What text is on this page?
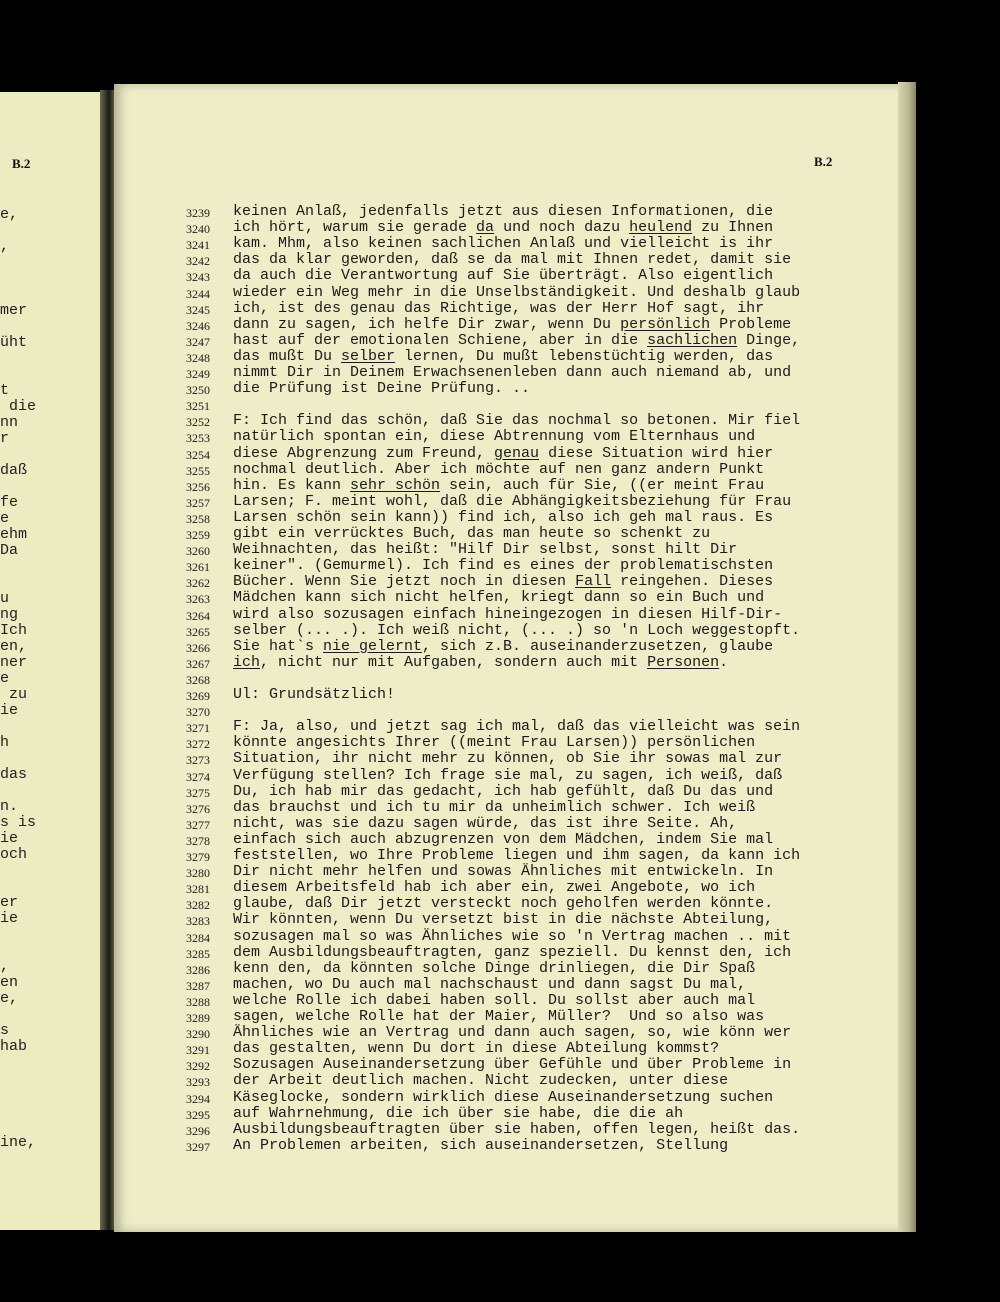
B.2
e,
,
mer
üht
t
die
nn
r
daß
fe
e
ehm
Da
u
ng
Ich
en,
ner
e
zu
ie
h
das
n.
s is
ie
och
er
ie
,
en
e,
s
hab
ine,
B.2
3239
3240
3241
3242
3243
3244
3245
3246
3247
3248
3249
3250
3251
3252
3253
3254
3255
3256
3257
3258
3259
3260
3261
3262
3263
3264
3265
3266
3267
3268
3269
3270
3271
3272
3273
3274
3275
3276
3277
3278
3279
3280
3281
3282
3283
3284
3285
3286
3287
3288
3289
3290
3291
3292
3293
3294
3295
3296
3297
keinen Anlaß, jedenfalls jetzt aus diesen Informationen, die
ich hört, warum sie gerade da und noch dazu heulend zu Ihnen
kam. Mhm, also keinen sachlichen Anlaß und vielleicht is ihr
das da klar geworden, daß se da mal mit Ihnen redet, damit sie
da auch die Verantwortung auf Sie überträgt. Also eigentlich
wieder ein Weg mehr in die Unselbständigkeit. Und deshalb glaub
ich, ist des genau das Richtige, was der Herr Hof sagt, ihr
dann zu sagen, ich helfe Dir zwar, wenn Du persönlich Probleme
hast auf der emotionalen Schiene, aber in die sachlichen Dinge,
das mußt Du selber lernen, Du mußt lebenstüchtig werden, das
nimmt Dir in Deinem Erwachsenenleben dann auch niemand ab, und
die Prüfung ist Deine Prüfung. ..
F: Ich find das schön, daß Sie das nochmal so betonen. Mir fiel
natürlich spontan ein, diese Abtrennung vom Elternhaus und
diese Abgrenzung zum Freund, genau diese Situation wird hier
nochmal deutlich. Aber ich möchte auf nen ganz andern Punkt
hin. Es kann sehr schön sein, auch für Sie, ((er meint Frau
Larsen; F. meint wohl, daß die Abhängigkeitsbeziehung für Frau
Larsen schön sein kann)) find ich, also ich geh mal raus. Es
gibt ein verrücktes Buch, das man heute so schenkt zu
Weihnachten, das heißt: "Hilf Dir selbst, sonst hilt Dir
keiner". (Gemurmel). Ich find es eines der problematischsten
Bücher. Wenn Sie jetzt noch in diesen Fall reingehen. Dieses
Mädchen kann sich nicht helfen, kriegt dann so ein Buch und
wird also sozusagen einfach hineingezogen in diesen Hilf-Dir-
selber (... .). Ich weiß nicht, (... .) so 'n Loch weggestopft.
Sie hat`s nie gelernt, sich z.B. auseinanderzusetzen, glaube
ich, nicht nur mit Aufgaben, sondern auch mit Personen.
Ul: Grundsätzlich!
F: Ja, also, und jetzt sag ich mal, daß das vielleicht was sein
könnte angesichts Ihrer ((meint Frau Larsen)) persönlichen
Situation, ihr nicht mehr zu können, ob Sie ihr sowas mal zur
Verfügung stellen? Ich frage sie mal, zu sagen, ich weiß, daß
Du, ich hab mir das gedacht, ich hab gefühlt, daß Du das und
das brauchst und ich tu mir da unheimlich schwer. Ich weiß
nicht, was sie dazu sagen würde, das ist ihre Seite. Ah,
einfach sich auch abzugrenzen von dem Mädchen, indem Sie mal
feststellen, wo Ihre Probleme liegen und ihm sagen, da kann ich
Dir nicht mehr helfen und sowas Ähnliches mit entwickeln. In
diesem Arbeitsfeld hab ich aber ein, zwei Angebote, wo ich
glaube, daß Dir jetzt versteckt noch geholfen werden könnte.
Wir könnten, wenn Du versetzt bist in die nächste Abteilung,
sozusagen mal so was Ähnliches wie so 'n Vertrag machen .. mit
dem Ausbildungsbeauftragten, ganz speziell. Du kennst den, ich
kenn den, da könnten solche Dinge drinliegen, die Dir Spaß
machen, wo Du auch mal nachschaust und dann sagst Du mal,
welche Rolle ich dabei haben soll. Du sollst aber auch mal
sagen, welche Rolle hat der Maier, Müller?  Und so also was
Ähnliches wie an Vertrag und dann auch sagen, so, wie könn wer
das gestalten, wenn Du dort in diese Abteilung kommst?
Sozusagen Auseinandersetzung über Gefühle und über Probleme in
der Arbeit deutlich machen. Nicht zudecken, unter diese
Käseglocke, sondern wirklich diese Auseinandersetzung suchen
auf Wahrnehmung, die ich über sie habe, die die ah
Ausbildungsbeauftragten über sie haben, offen legen, heißt das.
An Problemen arbeiten, sich auseinandersetzen, Stellung
